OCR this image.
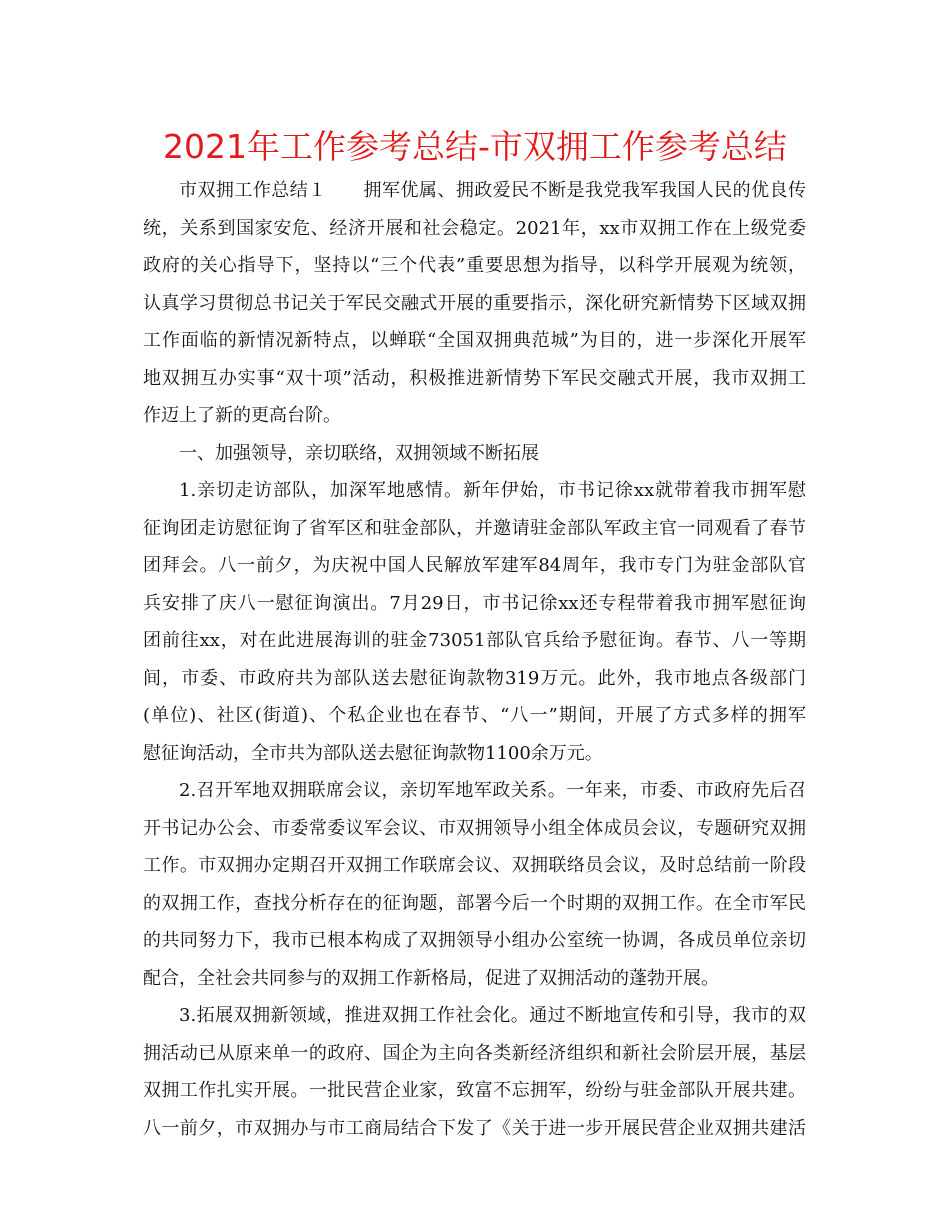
2021年工作参考总结-市双拥工作参考总结
市双拥工作总结１　　拥军优属、拥政爱民不断是我党我军我国人民的优良传
统，关系到国家安危、经济开展和社会稳定。2021年，xx市双拥工作在上级党委
政府的关心指导下，坚持以“三个代表”重要思想为指导，以科学开展观为统领，
认真学习贯彻总书记关于军民交融式开展的重要指示，深化研究新情势下区域双拥
工作面临的新情况新特点，以蝉联“全国双拥典范城”为目的，进一步深化开展军
地双拥互办实事“双十项”活动，积极推进新情势下军民交融式开展，我市双拥工
作迈上了新的更高台阶。
一、加强领导，亲切联络，双拥领域不断拓展
1.亲切走访部队，加深军地感情。新年伊始，市书记徐xx就带着我市拥军慰
征询团走访慰征询了省军区和驻金部队，并邀请驻金部队军政主官一同观看了春节
团拜会。八一前夕，为庆祝中国人民解放军建军84周年，我市专门为驻金部队官
兵安排了庆八一慰征询演出。7月29日，市书记徐xx还专程带着我市拥军慰征询
团前往xx，对在此进展海训的驻金73051部队官兵给予慰征询。春节、八一等期
间，市委、市政府共为部队送去慰征询款物319万元。此外，我市地点各级部门
(单位)、社区(街道)、个私企业也在春节、“八一”期间，开展了方式多样的拥军
慰征询活动，全市共为部队送去慰征询款物1100余万元。
2.召开军地双拥联席会议，亲切军地军政关系。一年来，市委、市政府先后召
开书记办公会、市委常委议军会议、市双拥领导小组全体成员会议，专题研究双拥
工作。市双拥办定期召开双拥工作联席会议、双拥联络员会议，及时总结前一阶段
的双拥工作，查找分析存在的征询题，部署今后一个时期的双拥工作。在全市军民
的共同努力下，我市已根本构成了双拥领导小组办公室统一协调，各成员单位亲切
配合，全社会共同参与的双拥工作新格局，促进了双拥活动的蓬勃开展。
3.拓展双拥新领域，推进双拥工作社会化。通过不断地宣传和引导，我市的双
拥活动已从原来单一的政府、国企为主向各类新经济组织和新社会阶层开展，基层
双拥工作扎实开展。一批民营企业家，致富不忘拥军，纷纷与驻金部队开展共建。
八一前夕，市双拥办与市工商局结合下发了《关于进一步开展民营企业双拥共建活
